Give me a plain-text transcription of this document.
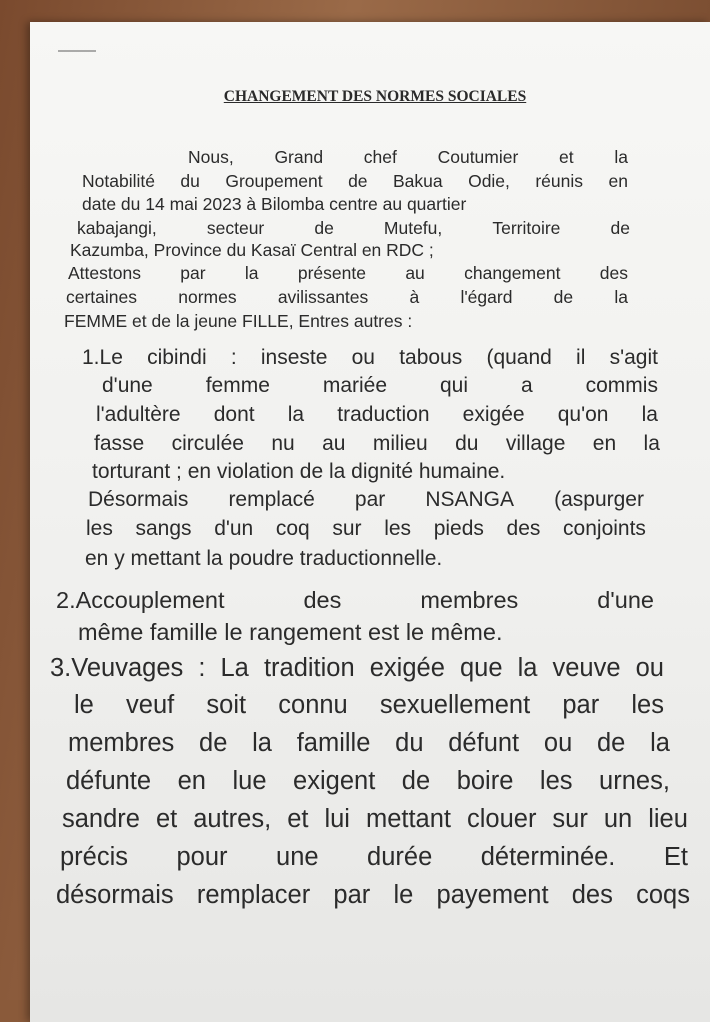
CHANGEMENT DES NORMES SOCIALES
Nous, Grand chef Coutumier et la
Notabilité du Groupement de Bakua Odie, réunis en
date du 14 mai 2023 à Bilomba centre au quartier
kabajangi,	secteur	de	Mutefu,	Territoire	de
Kazumba, Province du Kasaï Central en RDC ;
Attestons par la présente au changement des
certaines normes avilissantes à l'égard de la
FEMME et de la jeune FILLE, Entres autres :
1.Le cibindi : inseste ou tabous (quand il s'agit
d'une	femme	mariée	qui	a	commis
l'adultère dont la traduction exigée qu'on la
fasse circulée nu au milieu du village en la
torturant ; en violation de la dignité humaine.
Désormais remplacé par NSANGA (aspurger
les sangs d'un coq sur les pieds des conjoints
en y mettant la poudre traductionnelle.
2.Accouplement	des	membres	d'une
même famille le rangement est le même.
3.Veuvages : La tradition exigée que la veuve ou
le veuf soit connu sexuellement par les
membres de la famille du défunt ou de la
défunte en lue exigent de boire les urnes,
sandre et autres, et lui mettant clouer sur un lieu
précis pour une durée déterminée. Et
désormais remplacer par le payement des coqs
